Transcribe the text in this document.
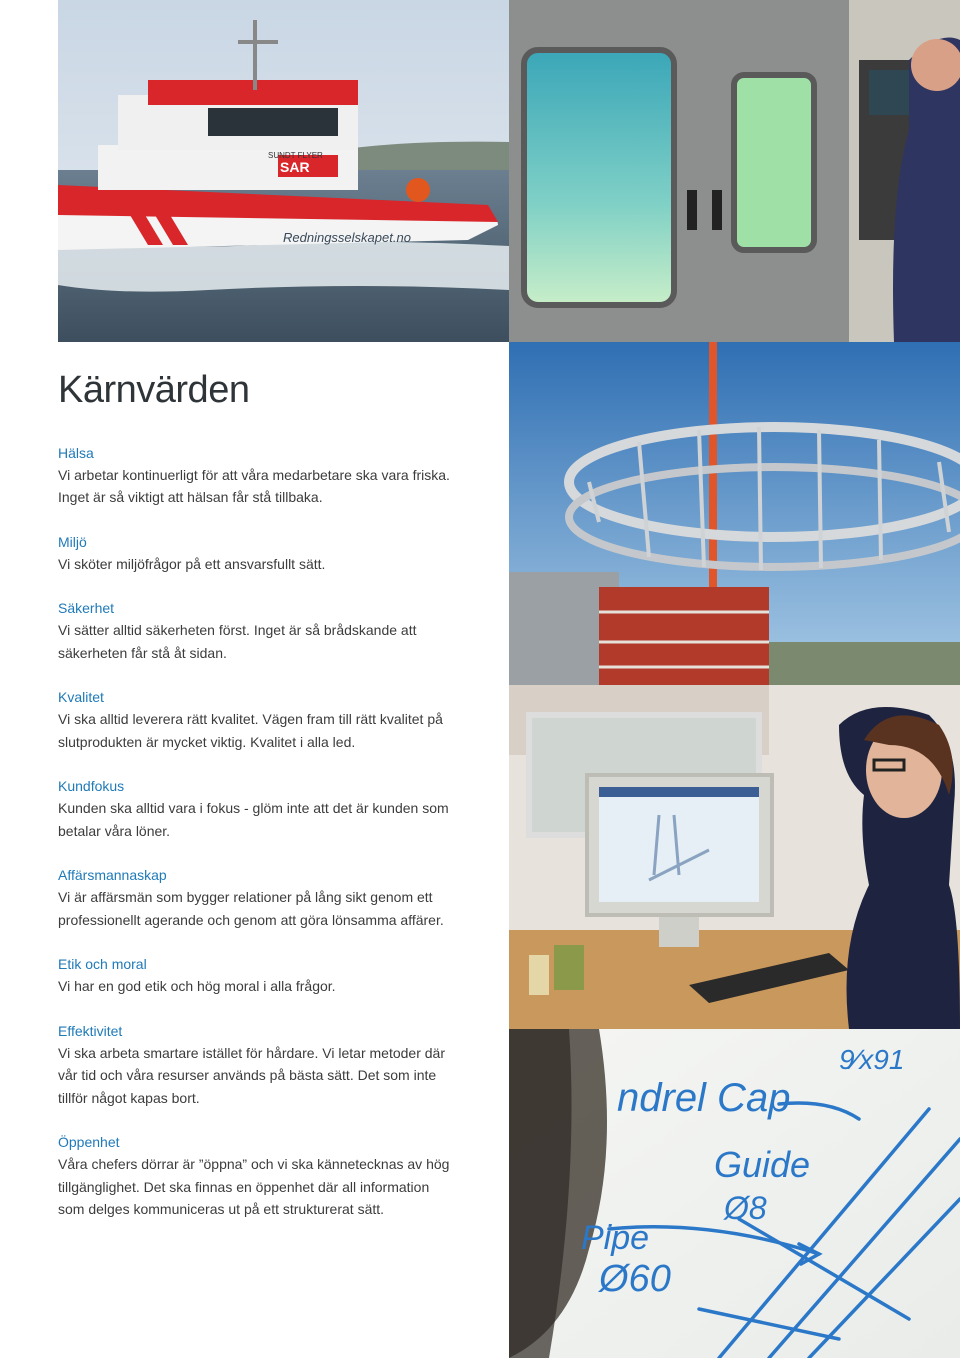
SAR
Redningsselskapet.no
SUNDT FLYER
ndrel Cap
Guide
Ø8
Pipe
Ø60
9∕x91
Kärnvärden
Hälsa
Vi arbetar kontinuerligt för att våra medarbetare ska vara friska.
Inget är så viktigt att hälsan får stå tillbaka.
Miljö
Vi sköter miljöfrågor på ett ansvarsfullt sätt.
Säkerhet
Vi sätter alltid säkerheten först. Inget är så brådskande att
säkerheten får stå åt sidan.
Kvalitet
Vi ska alltid leverera rätt kvalitet. Vägen fram till rätt kvalitet på
slutprodukten är mycket viktig. Kvalitet i alla led.
Kundfokus
Kunden ska alltid vara i fokus - glöm inte att det är kunden som
betalar våra löner.
Affärsmannaskap
Vi är affärsmän som bygger relationer på lång sikt genom ett
professionellt agerande och genom att göra lönsamma affärer.
Etik och moral
Vi har en god etik och hög moral i alla frågor.
Effektivitet
Vi ska arbeta smartare istället för hårdare. Vi letar metoder där
vår tid och våra resurser används på bästa sätt. Det som inte
tillför något kapas bort.
Öppenhet
Våra chefers dörrar är ”öppna” och vi ska kännetecknas av hög
tillgänglighet. Det ska finnas en öppenhet där all information
som delges kommuniceras ut på ett strukturerat sätt.
